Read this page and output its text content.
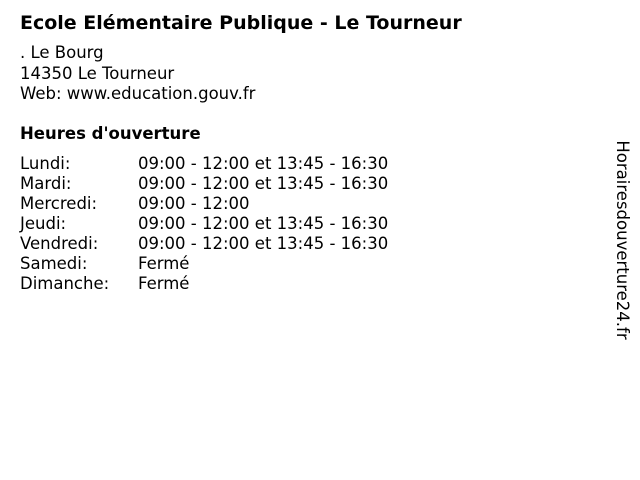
Ecole Elémentaire Publique - Le Tourneur
. Le Bourg
14350 Le Tourneur
Web: www.education.gouv.fr
Heures d'ouverture
Lundi:	09:00 - 12:00 et 13:45 - 16:30
Mardi:	09:00 - 12:00 et 13:45 - 16:30
Mercredi: 09:00 - 12:00
Jeudi:	09:00 - 12:00 et 13:45 - 16:30
Vendredi: 09:00 - 12:00 et 13:45 - 16:30
Samedi:	Fermé
Dimanche: Fermé	Horairesdouverture24.fr
